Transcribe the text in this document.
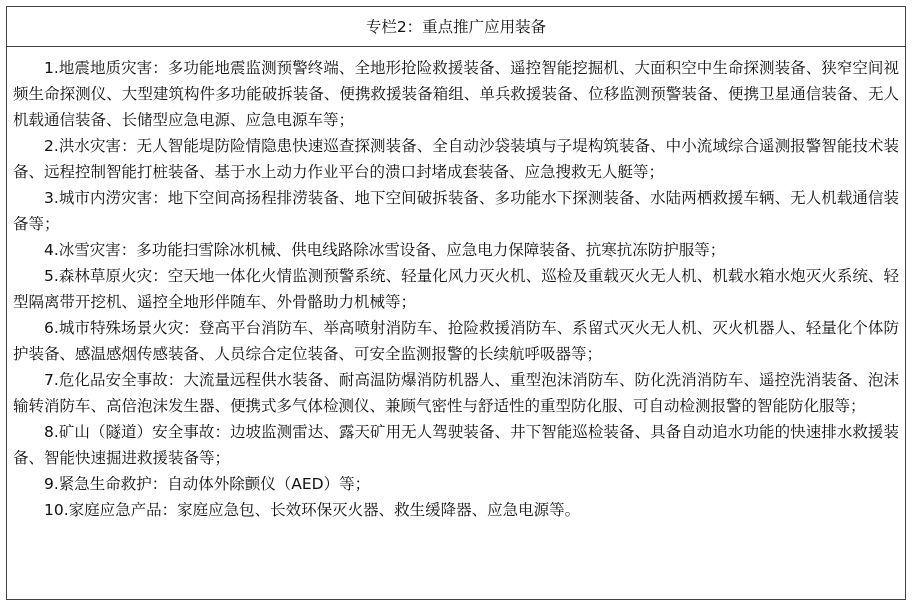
专栏2：重点推广应用装备

1.地震地质灾害：多功能地震监测预警终端、全地形抢险救援装备、遥控智能挖掘机、大面积空中生命探测装备、狭窄空间视频生命探测仪、大型建筑构件多功能破拆装备、便携救援装备箱组、单兵救援装备、位移监测预警装备、便携卫星通信装备、无人机载通信装备、长储型应急电源、应急电源车等；

2.洪水灾害：无人智能堤防险情隐患快速巡查探测装备、全自动沙袋装填与子堤构筑装备、中小流域综合遥测报警智能技术装备、远程控制智能打桩装备、基于水上动力作业平台的溃口封堵成套装备、应急搜救无人艇等；

3.城市内涝灾害：地下空间高扬程排涝装备、地下空间破拆装备、多功能水下探测装备、水陆两栖救援车辆、无人机载通信装备等；

4.冰雪灾害：多功能扫雪除冰机械、供电线路除冰雪设备、应急电力保障装备、抗寒抗冻防护服等；

5.森林草原火灾：空天地一体化火情监测预警系统、轻量化风力灭火机、巡检及重载灭火无人机、机载水箱水炮灭火系统、轻型隔离带开挖机、遥控全地形伴随车、外骨骼助力机械等；

6.城市特殊场景火灾：登高平台消防车、举高喷射消防车、抢险救援消防车、系留式灭火无人机、灭火机器人、轻量化个体防护装备、感温感烟传感装备、人员综合定位装备、可安全监测报警的长续航呼吸器等；

7.危化品安全事故：大流量远程供水装备、耐高温防爆消防机器人、重型泡沫消防车、防化洗消消防车、遥控洗消装备、泡沫输转消防车、高倍泡沫发生器、便携式多气体检测仪、兼顾气密性与舒适性的重型防化服、可自动检测报警的智能防化服等；

8.矿山（隧道）安全事故：边坡监测雷达、露天矿用无人驾驶装备、井下智能巡检装备、具备自动追水功能的快速排水救援装备、智能快速掘进救援装备等；

9.紧急生命救护：自动体外除颤仪（AED）等；

10.家庭应急产品：家庭应急包、长效环保灭火器、救生缓降器、应急电源等。
